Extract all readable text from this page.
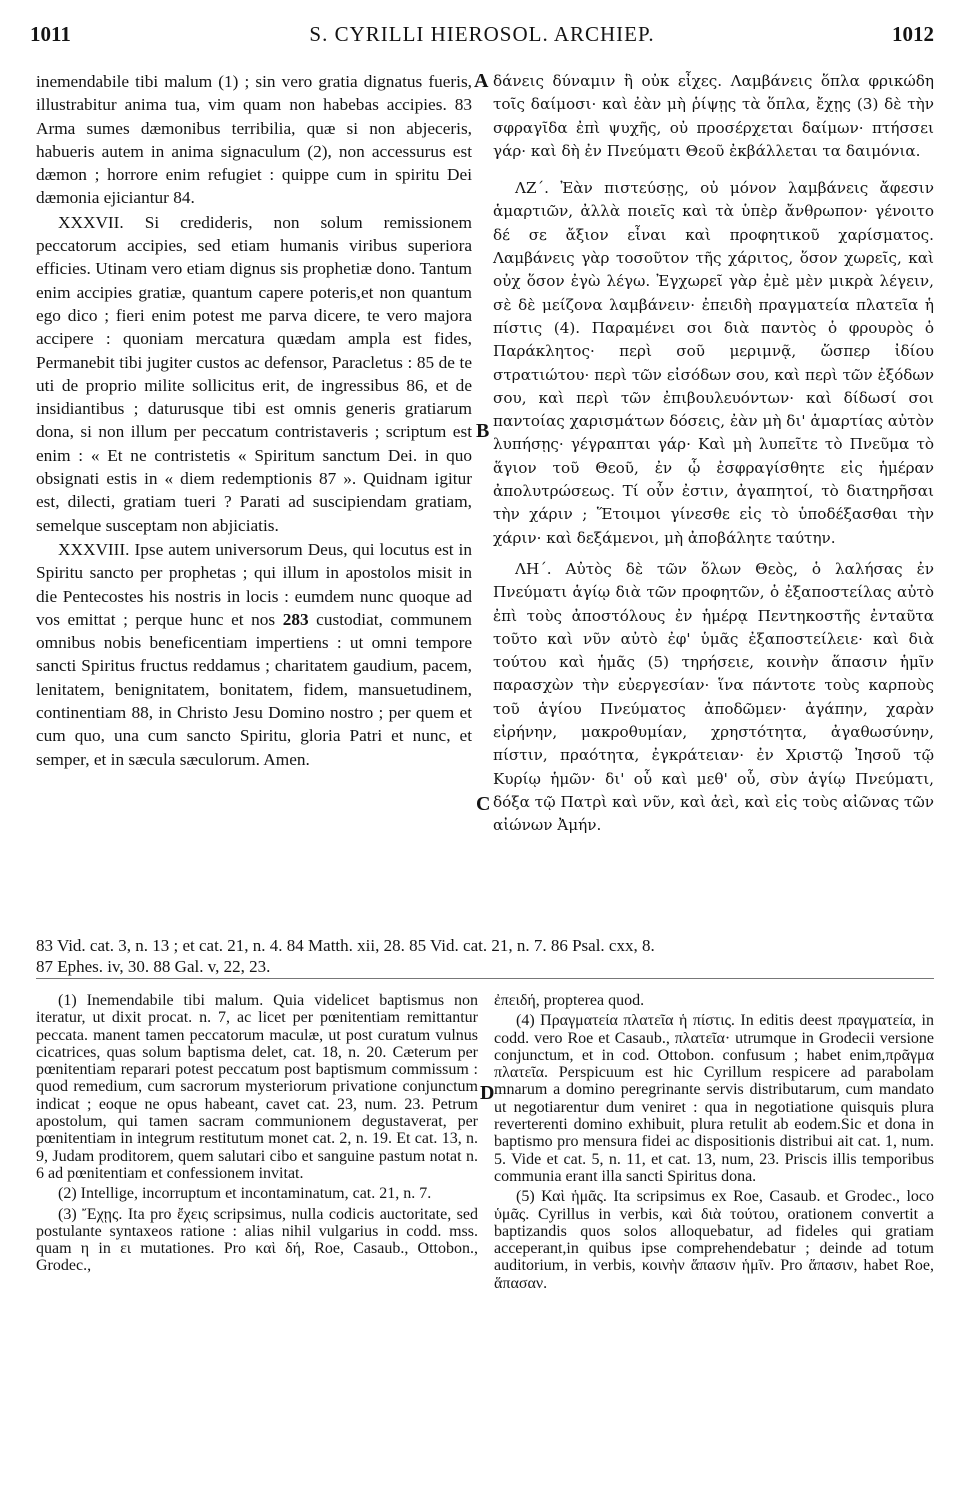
1011	S. CYRILLI HIEROSOL. ARCHIEP.	1012

inemendabile tibi malum (1) ; sin vero gratia dignatus fueris, illustrabitur anima tua, vim quam non habebas accipies. 83 Arma sumes dæmonibus terribilia, quæ si non abjeceris, habueris autem in anima signaculum (2), non accessurus est dæmon ; horrore enim refugiet : quippe cum in spiritu Dei dæmonia ejiciantur 84.

XXXVII. Si credideris, non solum remissionem peccatorum accipies, sed etiam humanis viribus superiora efficies. Utinam vero etiam dignus sis prophetiæ dono. Tantum enim accipies gratiæ, quantum capere poteris,et non quantum ego dico ; fieri enim potest me parva dicere, te vero majora accipere : quoniam mercatura quædam ampla est fides, Permanebit tibi jugiter custos ac defensor, Paracletus : 85 de te uti de proprio milite sollicitus erit, de ingressibus 86, et de insidiantibus ; daturusque tibi est omnis generis gratiarum dona, si non illum per peccatum contristaveris ; scriptum est enim : « Et ne contristetis « Spiritum sanctum Dei. in quo obsignati estis in « diem redemptionis 87 ». Quidnam igitur est, dilecti, gratiam tueri ? Parati ad suscipiendam gratiam, semelque susceptam non abjiciatis.

XXXVIII. Ipse autem universorum Deus, qui locutus est in Spiritu sancto per prophetas ; qui illum in apostolos misit in die Pentecostes his nostris in locis : eumdem nunc quoque ad vos emittat ; perque hunc et nos 283 custodiat, communem omnibus nobis beneficentiam impertiens : ut omni tempore sancti Spiritus fructus reddamus ; charitatem gaudium, pacem, lenitatem, benignitatem, bonitatem, fidem, mansuetudinem, continentiam 88, in Christo Jesu Domino nostro ; per quem et cum quo, una cum sancto Spiritu, gloria Patri et nunc, et semper, et in sæcula sæculorum. Amen.

A
B
C
D

δάνεις δύναμιν ἣ οὐκ εἶχες. Λαμβάνεις ὅπλα φρικώδη τοῖς δαίμοσι· καὶ ἐὰν μὴ ῥίψῃς τὰ ὅπλα, ἔχῃς (3) δὲ τὴν σφραγῖδα ἐπὶ ψυχῆς, οὐ προσέρχεται δαίμων· πτήσσει γάρ· καὶ δὴ ἐν Πνεύματι Θεοῦ ἐκβάλλεται τα δαιμόνια.

ΛΖ΄. Ἐὰν πιστεύσῃς, οὐ μόνον λαμβάνεις ἄφεσιν ἁμαρτιῶν, ἀλλὰ ποιεῖς καὶ τὰ ὑπὲρ ἄνθρωπον· γένοιτο δέ σε ἄξιον εἶναι καὶ προφητικοῦ χαρίσματος. Λαμβάνεις γὰρ τοσοῦτον τῆς χάριτος, ὅσον χωρεῖς, καὶ οὐχ ὅσον ἐγὼ λέγω. Ἐγχωρεῖ γὰρ ἐμὲ μὲν μικρὰ λέγειν, σὲ δὲ μείζονα λαμβάνειν· ἐπειδὴ πραγματεία πλατεῖα ἡ πίστις (4). Παραμένει σοι διὰ παντὸς ὁ φρουρὸς ὁ Παράκλητος· περὶ σοῦ μεριμνᾷ, ὥσπερ ἰδίου στρατιώτου· περὶ τῶν εἰσόδων σου, καὶ περὶ τῶν ἐξόδων σου, καὶ περὶ τῶν ἐπιβουλευόντων· καὶ δίδωσί σοι παντοίας χαρισμάτων δόσεις, ἐὰν μὴ δι' ἁμαρτίας αὐτὸν λυπήσῃς· γέγραπται γάρ· Καὶ μὴ λυπεῖτε τὸ Πνεῦμα τὸ ἅγιον τοῦ Θεοῦ, ἐν ᾧ ἐσφραγίσθητε εἰς ἡμέραν ἀπολυτρώσεως. Τί οὖν ἐστιν, ἀγαπητοί, τὸ διατηρῆσαι τὴν χάριν ; Ἕτοιμοι γίνεσθε εἰς τὸ ὑποδέξασθαι τὴν χάριν· καὶ δεξάμενοι, μὴ ἀποβάλητε ταύτην.

ΛΗ΄. Αὐτὸς δὲ τῶν ὅλων Θεὸς, ὁ λαλήσας ἐν Πνεύματι ἁγίῳ διὰ τῶν προφητῶν, ὁ ἐξαποστείλας αὐτὸ ἐπὶ τοὺς ἀποστόλους ἐν ἡμέρᾳ Πεντηκοστῆς ἐνταῦτα τοῦτο καὶ νῦν αὐτὸ ἐφ' ὑμᾶς ἐξαποστείλειε· καὶ διὰ τούτου καὶ ἡμᾶς (5) τηρήσειε, κοινὴν ἅπασιν ἡμῖν παρασχὼν τὴν εὐεργεσίαν· ἵνα πάντοτε τοὺς καρποὺς τοῦ ἁγίου Πνεύματος ἀποδῶμεν· ἀγάπην, χαρὰν εἰρήνην, μακροθυμίαν, χρηστότητα, ἀγαθωσύνην, πίστιν, πραότητα, ἐγκράτειαν· ἐν Χριστῷ Ἰησοῦ τῷ Κυρίῳ ἡμῶν· δι' οὗ καὶ μεθ' οὗ, σὺν ἁγίῳ Πνεύματι, δόξα τῷ Πατρὶ καὶ νῦν, καὶ ἀεὶ, καὶ εἰς τοὺς αἰῶνας τῶν αἰώνων Ἀμήν.

83 Vid. cat. 3, n. 13 ; et cat. 21, n. 4. 84 Matth. xii, 28. 85 Vid. cat. 21, n. 7. 86 Psal. cxx, 8.

87 Ephes. iv, 30. 88 Gal. v, 22, 23.

(1) Inemendabile tibi malum. Quia videlicet baptismus non iteratur, ut dixit procat. n. 7, ac licet per pœnitentiam remittantur peccata. manent tamen peccatorum maculæ, ut post curatum vulnus cicatrices, quas solum baptisma delet, cat. 18, n. 20. Cæterum per pœnitentiam reparari potest peccatum post baptismum commissum : quod remedium, cum sacrorum mysteriorum privatione conjunctum indicat ; eoque ne opus habeant, cavet cat. 23, num. 23. Petrum apostolum, qui tamen sacram communionem degustaverat, per pœnitentiam in integrum restitutum monet cat. 2, n. 19. Et cat. 13, n. 9, Judam proditorem, quem salutari cibo et sanguine pastum notat n. 6 ad pœnitentiam et confessionem invitat.

(2) Intellige, incorruptum et incontaminatum, cat. 21, n. 7.

(3) Ἔχῃς. Ita pro ἔχεις scripsimus, nulla codicis auctoritate, sed postulante syntaxeos ratione : alias nihil vulgarius in codd. mss. quam η in ει mutationes. Pro καὶ δή, Roe, Casaub., Ottobon., Grodec.,

ἐπειδή, propterea quod.

(4) Πραγματεία πλατεῖα ἡ πίστις. In editis deest πραγματεία, in codd. vero Roe et Casaub., πλατεῖα· utrumque in Grodecii versione conjunctum, et in cod. Ottobon. confusum ; habet enim,πρᾶγμα πλατεῖα. Perspicuum est hic Cyrillum respicere ad parabolam mnarum a domino peregrinante servis distributarum, cum mandato ut negotiarentur dum veniret : qua in negotiatione quisquis plura reverterenti domino exhibuit, plura retulit ab eodem.Sic et dona in baptismo pro mensura fidei ac dispositionis distribui ait cat. 1, num. 5. Vide et cat. 5, n. 11, et cat. 13, num, 23. Priscis illis temporibus communia erant illa sancti Spiritus dona.

(5) Καὶ ἡμᾶς. Ita scripsimus ex Roe, Casaub. et Grodec., loco ὑμᾶς. Cyrillus in verbis, καὶ διὰ τούτου, orationem convertit a baptizandis quos solos alloquebatur, ad fideles qui gratiam acceperant,in quibus ipse comprehendebatur ; deinde ad totum auditorium, in verbis, κοινὴν ἅπασιν ἡμῖν. Pro ἅπασιν, habet Roe, ἅπασαν.
